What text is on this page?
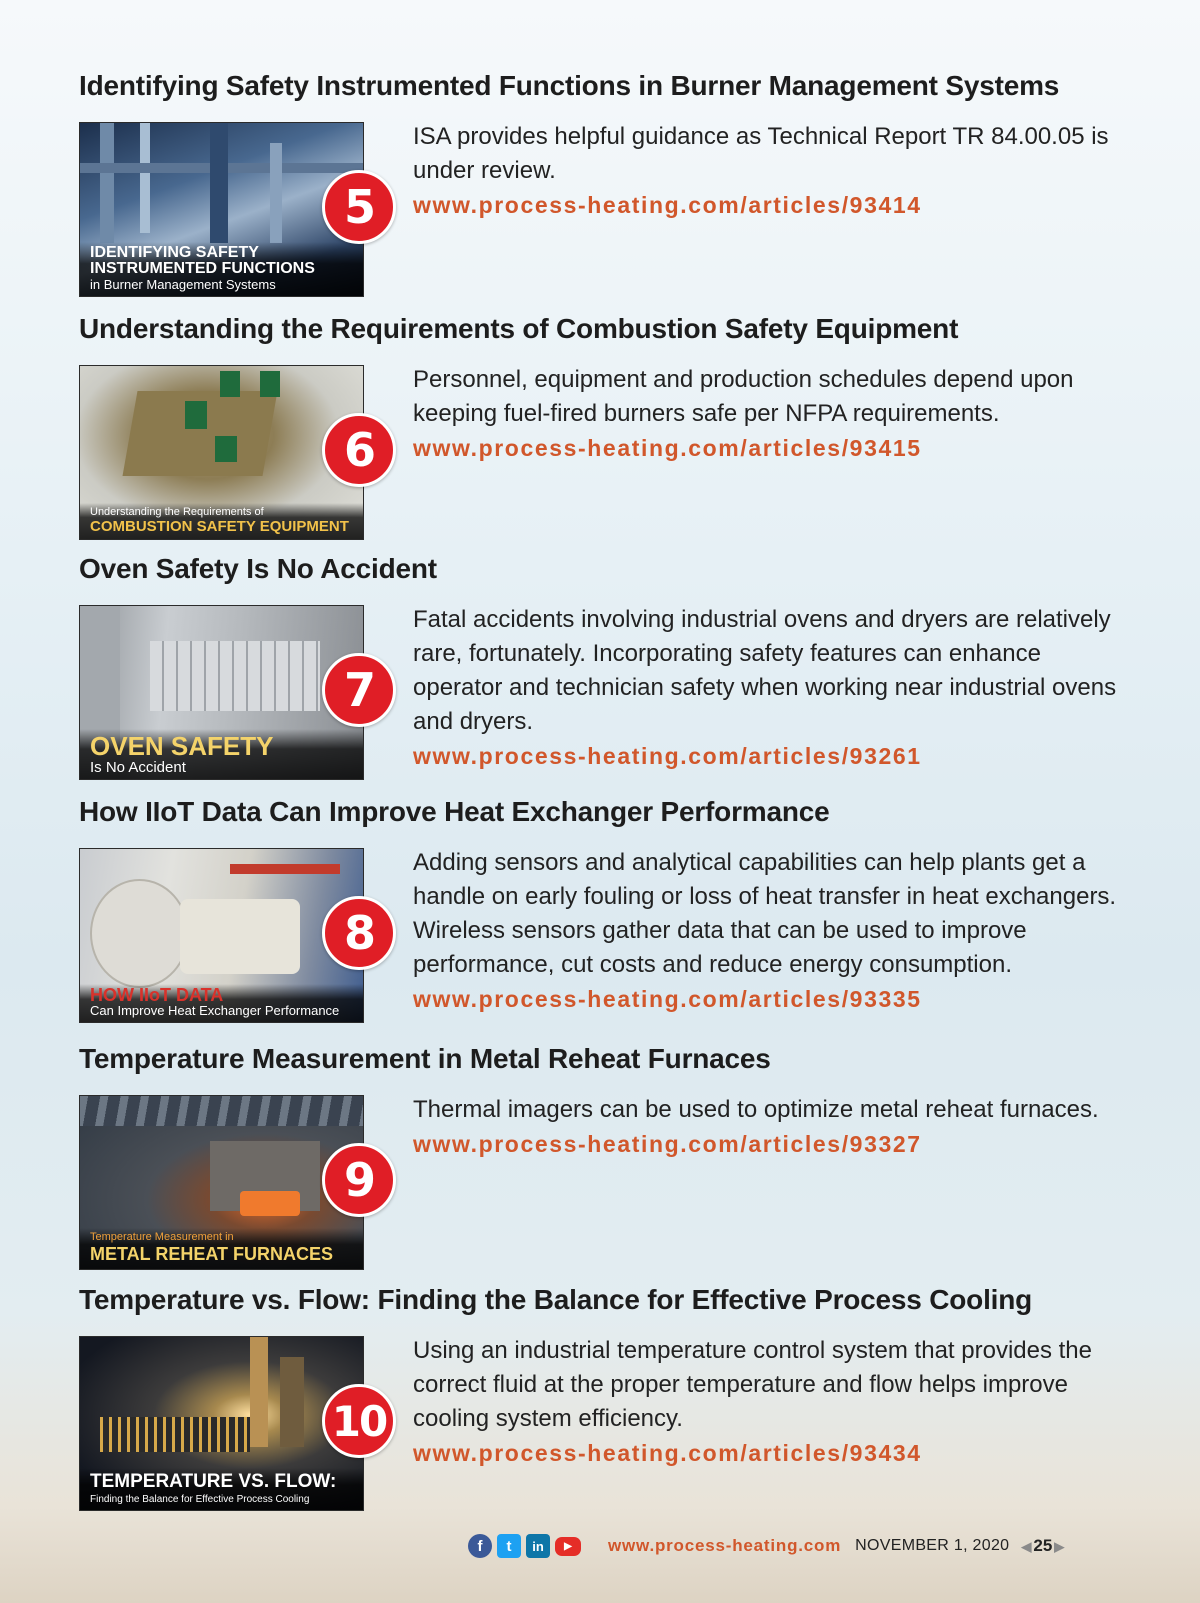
Identifying Safety Instrumented Functions in Burner Management Systems
IDENTIFYING SAFETY INSTRUMENTED FUNCTIONS
in Burner Management Systems
5

ISA provides helpful guidance as Technical Report TR 84.00.05 is under review.

www.process-heating.com/articles/93414
Understanding the Requirements of Combustion Safety Equipment
Understanding the Requirements of
COMBUSTION SAFETY EQUIPMENT
6

Personnel, equipment and production schedules depend upon keeping fuel-fired burners safe per NFPA requirements.

www.process-heating.com/articles/93415
Oven Safety Is No Accident
OVEN SAFETY
Is No Accident
7

Fatal accidents involving industrial ovens and dryers are relatively rare, fortunately. Incorporating safety features can enhance operator and technician safety when working near industrial ovens and dryers.

www.process-heating.com/articles/93261
How IIoT Data Can Improve Heat Exchanger Performance
HOW IIoT DATA
Can Improve Heat Exchanger Performance
8

Adding sensors and analytical capabilities can help plants get a handle on early fouling or loss of heat transfer in heat exchangers. Wireless sensors gather data that can be used to improve performance, cut costs and reduce energy consumption.

www.process-heating.com/articles/93335
Temperature Measurement in Metal Reheat Furnaces
Temperature Measurement in
METAL REHEAT FURNACES
9

Thermal imagers can be used to optimize metal reheat furnaces.

www.process-heating.com/articles/93327
Temperature vs. Flow: Finding the Balance for Effective Process Cooling
TEMPERATURE VS. FLOW:
Finding the Balance for Effective Process Cooling
10

Using an industrial temperature control system that provides the correct fluid at the proper temperature and flow helps improve cooling system efficiency.

www.process-heating.com/articles/93434
f	t	in	▶	www.process-heating.com NOVEMBER 1, 2020 ◀ 25 ▶
